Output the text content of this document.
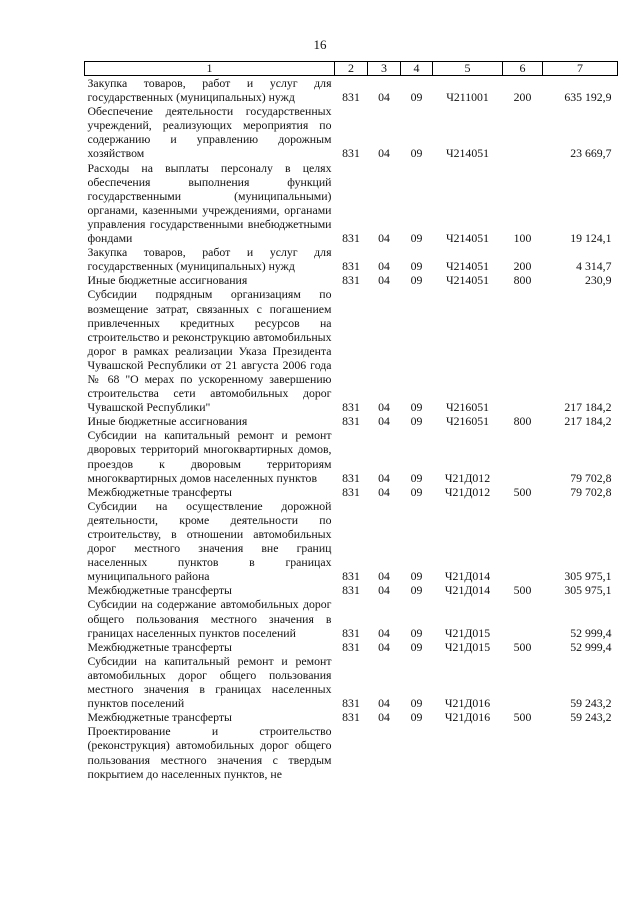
16
1	2	3	4	5	6	7
Закупка товаров, работ и услуг для государственных (муниципальных) нужд	831	04	09	Ч211001	200	635 192,9
Обеспечение деятельности государственных учреждений, реализующих мероприятия по содержанию и управлению дорожным хозяйством	831	04	09	Ч214051		23 669,7
Расходы на выплаты персоналу в целях обеспечения выполнения функций государственными (муниципальными) органами, казенными учреждениями, органами управления государственными внебюджетными фондами	831	04	09	Ч214051	100	19 124,1
Закупка товаров, работ и услуг для государственных (муниципальных) нужд	831	04	09	Ч214051	200	4 314,7
Иные бюджетные ассигнования	831	04	09	Ч214051	800	230,9
Субсидии подрядным организациям по возмещение затрат, связанных с погашением привлеченных кредитных ресурсов на строительство и реконструкцию автомобильных дорог в рамках реализации Указа Президента Чувашской Республики от 21 августа 2006 года № 68 "О мерах по ускоренному завершению строительства сети автомобильных дорог Чувашской Республики"	831	04	09	Ч216051		217 184,2
Иные бюджетные ассигнования	831	04	09	Ч216051	800	217 184,2
Субсидии на капитальный ремонт и ремонт дворовых территорий многоквартирных домов, проездов к дворовым территориям многоквартирных домов населенных пунктов	831	04	09	Ч21Д012		79 702,8
Межбюджетные трансферты	831	04	09	Ч21Д012	500	79 702,8
Субсидии на осуществление дорожной деятельности, кроме деятельности по строительству, в отношении автомобильных дорог местного значения вне границ населенных пунктов в границах муниципального района	831	04	09	Ч21Д014		305 975,1
Межбюджетные трансферты	831	04	09	Ч21Д014	500	305 975,1
Субсидии на содержание автомобильных дорог общего пользования местного значения в границах населенных пунктов поселений	831	04	09	Ч21Д015		52 999,4
Межбюджетные трансферты	831	04	09	Ч21Д015	500	52 999,4
Субсидии на капитальный ремонт и ремонт автомобильных дорог общего пользования местного значения в границах населенных пунктов поселений	831	04	09	Ч21Д016		59 243,2
Межбюджетные трансферты	831	04	09	Ч21Д016	500	59 243,2
Проектирование и строительство (реконструкция) автомобильных дорог общего пользования местного значения с твердым покрытием до населенных пунктов, не						
